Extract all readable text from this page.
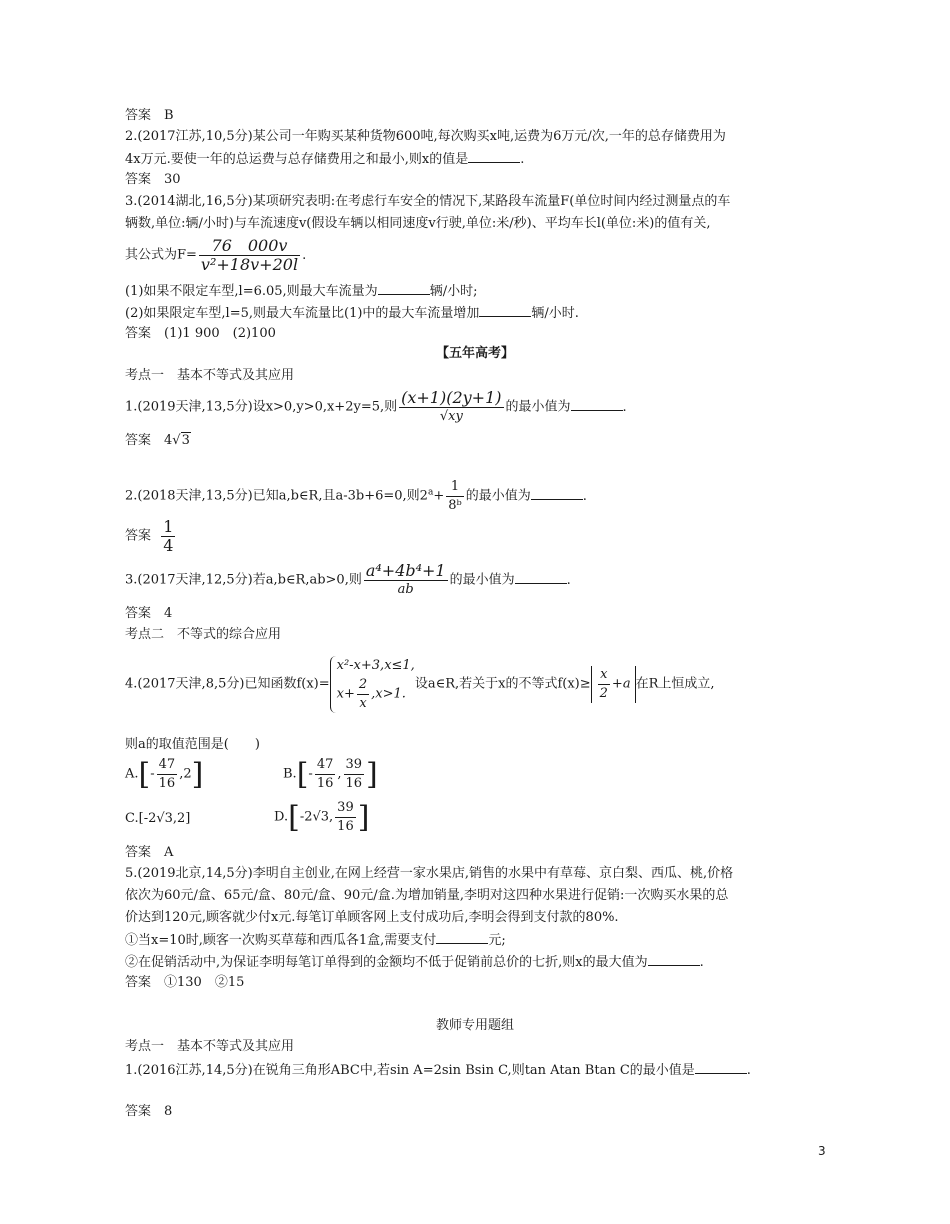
答案　B
2.(2017江苏,10,5分)某公司一年购买某种货物600吨,每次购买x吨,运费为6万元/次,一年的总存储费用为
4x万元.要使一年的总运费与总存储费用之和最小,则x的值是	.
答案　30
3.(2014湖北,16,5分)某项研究表明:在考虑行车安全的情况下,某路段车流量F(单位时间内经过测量点的车
辆数,单位:辆/小时)与车流速度v(假设车辆以相同速度v行驶,单位:米/秒)、平均车长l(单位:米)的值有关,
其公式为$F= \frac{76 000v}{\text{v²+18v+20l}}$ .
(1)如果不限定车型,l=6.05,则最大车流量为	辆/小时;
(2)如果限定车型,l=5,则最大车流量比(1)中的最大车流量增加	辆/小时.
答案　(1)1 900　(2)100
【五年高考】
考点一　基本不等式及其应用
1.(2019天津,13,5分)设x>0,y>0,x+2y=5,则 $\frac{(x+1)(2y+1)}{√xy}$ 的最小值为	.
答案　4√3
2.(2018天津,13,5分)已知a,b∈R,且a-3b+6=0,则$2^a+ \frac{1}{\text{8ᵇ}}$ 的最小值为	.
答案 $\frac{1}{4}$
3.(2017天津,12,5分)若a,b∈R,ab>0,则 $\frac{\text{a⁴+4b⁴+1}}{ab}$ 的最小值为	.
答案　4
考点二　不等式的综合应用
4.(2017天津,8,5分)已知函数f(x)=
x²-x+3,x≤1,
$x+ \frac{2}{x} ,x>1$.
设a∈R,若关于x的不等式$f(x)\ge \frac{x}{2} +a$ 在R上恒成立,
则a的取值范围是(　　)
$A.[- \frac{47}{16} ,2]$	$B.[- \frac{47}{16}$ , $\frac{39}{16}$ ]
C.[-2√3,2]	D.[-2√3, $\frac{39}{16}$ ]
答案　A
5.(2019北京,14,5分)李明自主创业,在网上经营一家水果店,销售的水果中有草莓、京白梨、西瓜、桃,价格
依次为60元/盒、65元/盒、80元/盒、90元/盒.为增加销量,李明对这四种水果进行促销:一次购买水果的总
价达到120元,顾客就少付x元.每笔订单顾客网上支付成功后,李明会得到支付款的80%.
①当x=10时,顾客一次购买草莓和西瓜各1盒,需要支付	元;
②在促销活动中,为保证李明每笔订单得到的金额均不低于促销前总价的七折,则x的最大值为	.
答案　①130　②15
教师专用题组
考点一　基本不等式及其应用
1.(2016江苏,14,5分)在锐角三角形ABC中,若sin A=2sin Bsin C,则tan Atan Btan C的最小值是	.
答案　8
3
